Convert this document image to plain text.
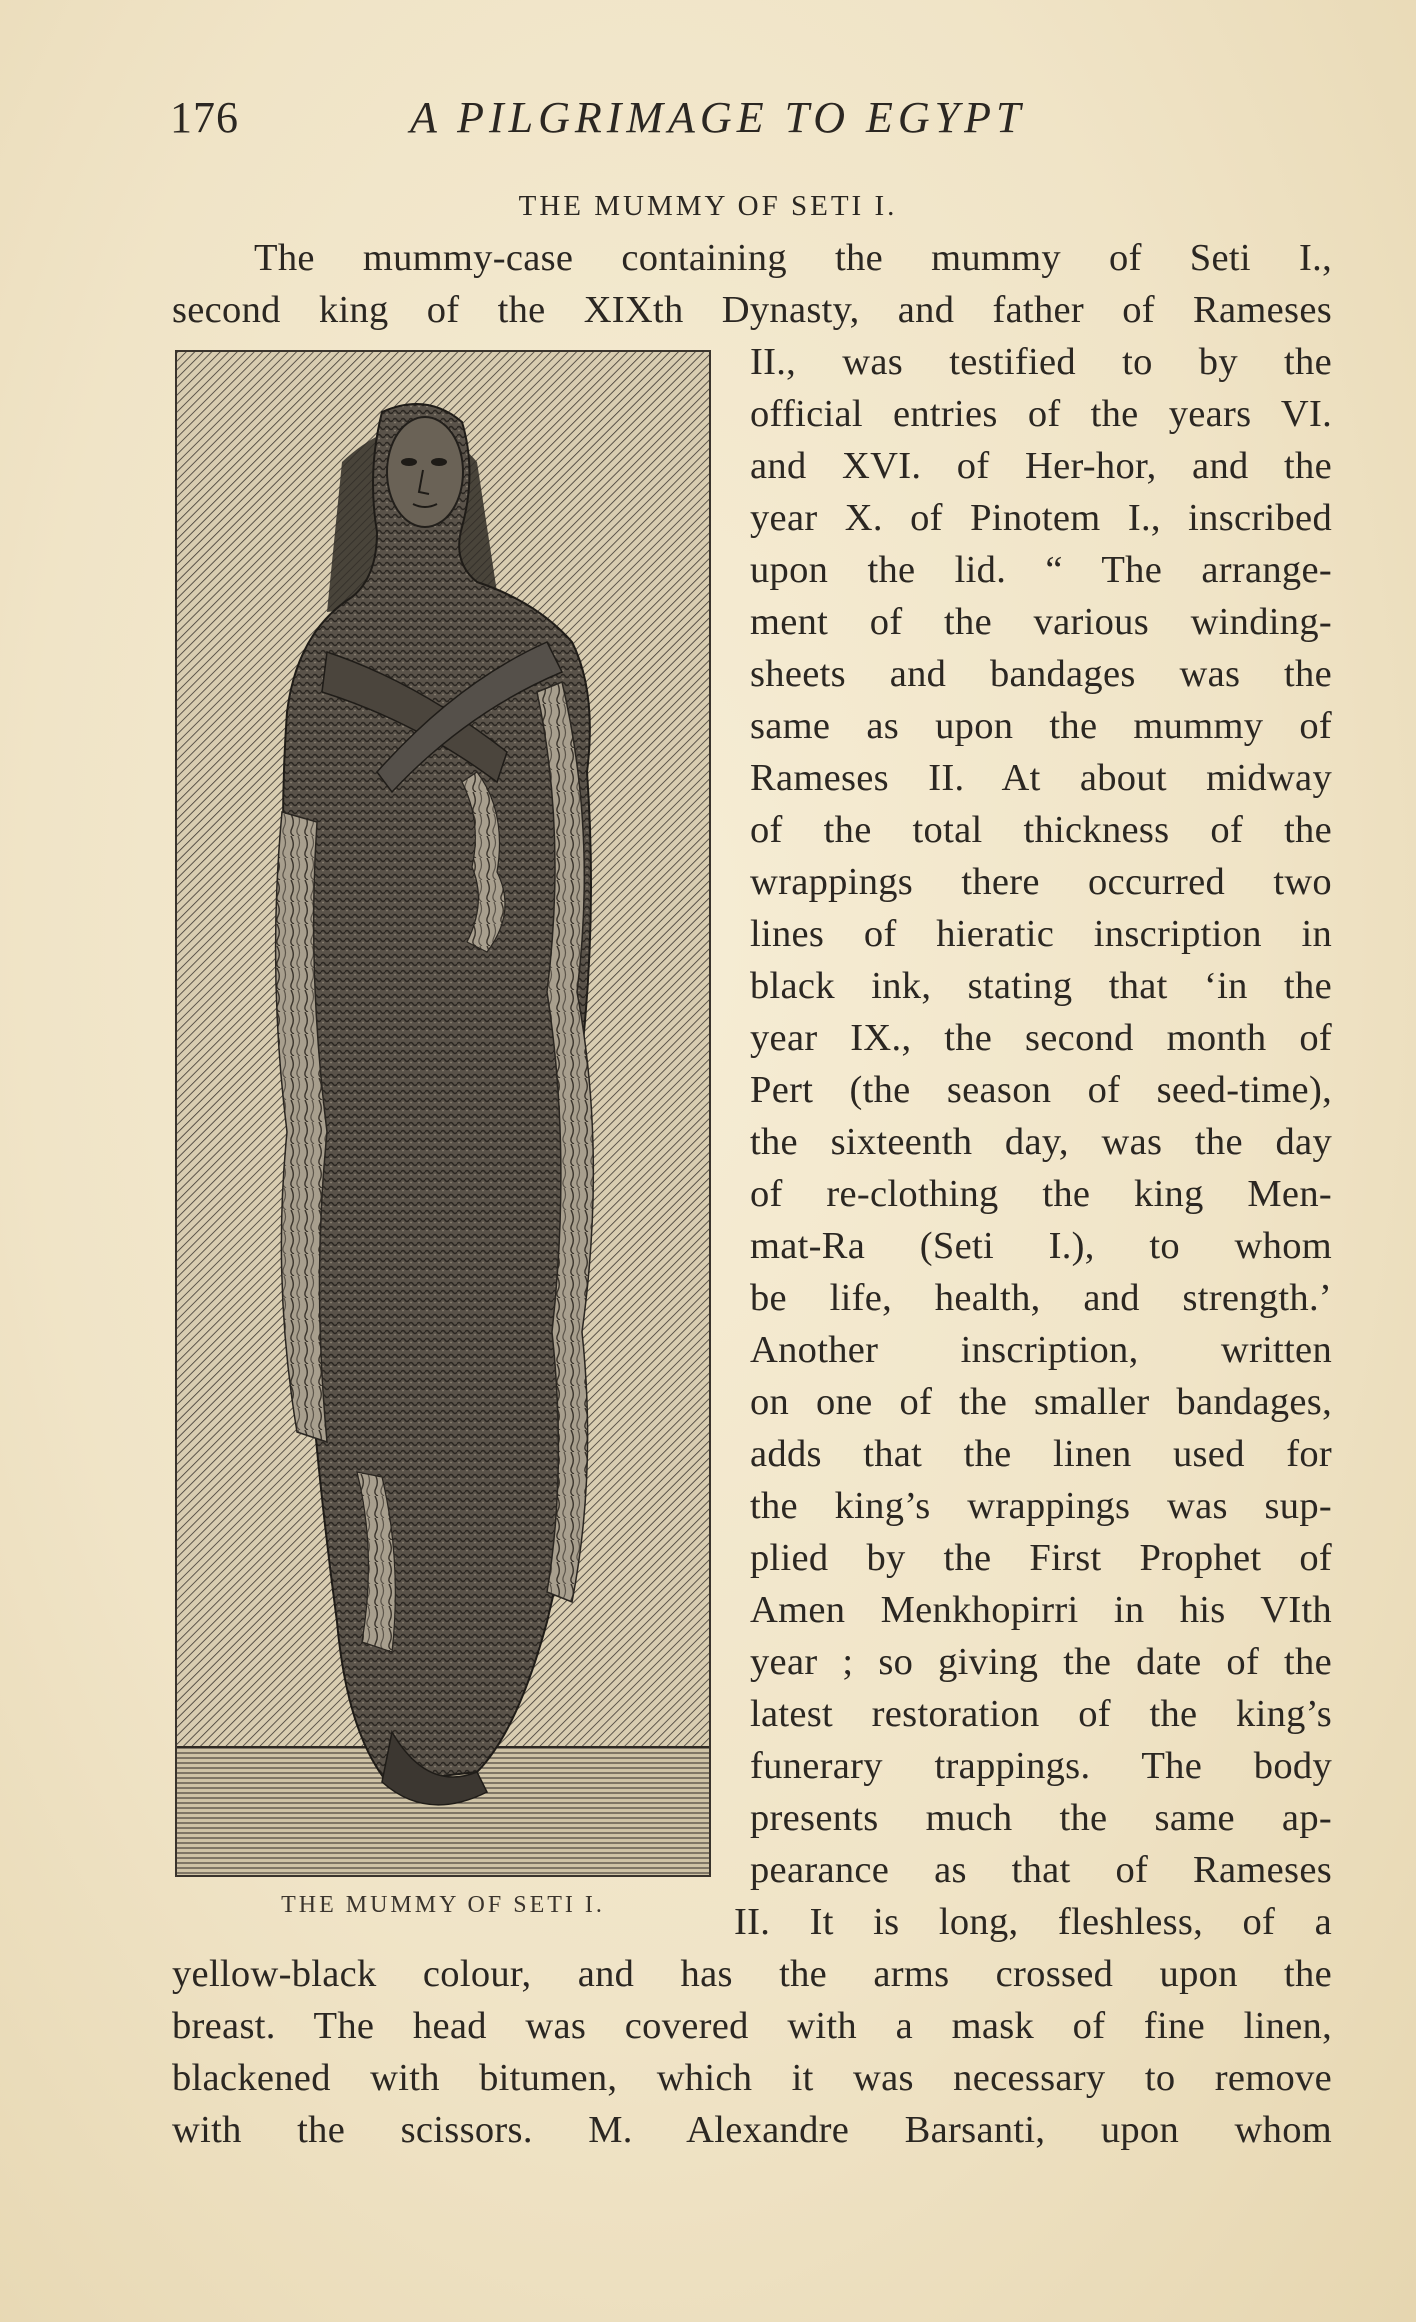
176	A PILGRIMAGE TO EGYPT
THE MUMMY OF SETI I.
The mummy-case containing the mummy of Seti I.,
second king of the XIXth Dynasty, and father of Rameses
II., was testified to by the
official entries of the years VI.
and XVI. of Her-hor, and the
year X. of Pinotem I., inscribed
upon the lid. “ The arrange-
ment of the various winding-
sheets and bandages was the
same as upon the mummy of
Rameses II. At about midway
of the total thickness of the
wrappings there occurred two
lines of hieratic inscription in
black ink, stating that ‘in the
year IX., the second month of
Pert (the season of seed-time),
the sixteenth day, was the day
of re-clothing the king Men-
mat-Ra (Seti I.), to whom
be life, health, and strength.’
Another inscription, written
on one of the smaller bandages,
adds that the linen used for
the king’s wrappings was sup-
plied by the First Prophet of
Amen Menkhopirri in his VIth
year ; so giving the date of the
latest restoration of the king’s
funerary trappings. The body
presents much the same ap-
pearance as that of Rameses
II. It is long, fleshless, of a
yellow-black colour, and has the arms crossed upon the
breast. The head was covered with a mask of fine linen,
blackened with bitumen, which it was necessary to remove
with the scissors. M. Alexandre Barsanti, upon whom
THE MUMMY OF SETI I.
